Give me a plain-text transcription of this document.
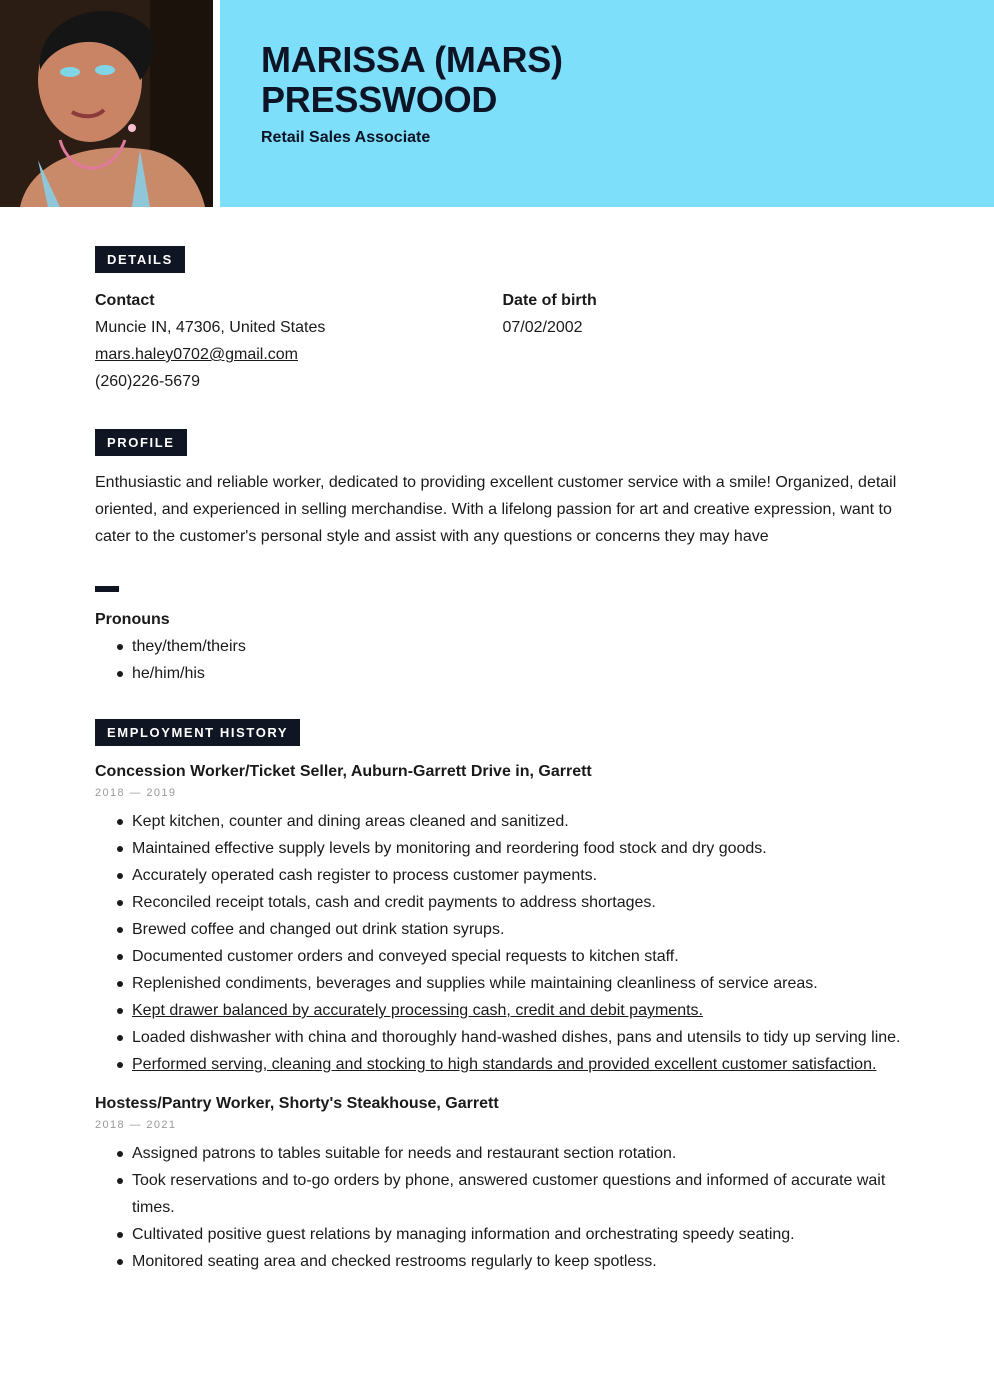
MARISSA (MARS)
PRESSWOOD
Retail Sales Associate
DETAILS
Contact
Muncie IN, 47306, United States
mars.haley0702@gmail.com
(260)226-5679
Date of birth
07/02/2002
PROFILE
Enthusiastic and reliable worker, dedicated to providing excellent customer service with a smile! Organized, detail oriented, and experienced in selling merchandise. With a lifelong passion for art and creative expression, want to cater to the customer's personal style and assist with any questions or concerns they may have
Pronouns
they/them/theirs
he/him/his
EMPLOYMENT HISTORY
Concession Worker/Ticket Seller, Auburn-Garrett Drive in, Garrett
2018 — 2019
Kept kitchen, counter and dining areas cleaned and sanitized.
Maintained effective supply levels by monitoring and reordering food stock and dry goods.
Accurately operated cash register to process customer payments.
Reconciled receipt totals, cash and credit payments to address shortages.
Brewed coffee and changed out drink station syrups.
Documented customer orders and conveyed special requests to kitchen staff.
Replenished condiments, beverages and supplies while maintaining cleanliness of service areas.
Kept drawer balanced by accurately processing cash, credit and debit payments.
Loaded dishwasher with china and thoroughly hand-washed dishes, pans and utensils to tidy up serving line.
Performed serving, cleaning and stocking to high standards and provided excellent customer satisfaction.
Hostess/Pantry Worker, Shorty's Steakhouse, Garrett
2018 — 2021
Assigned patrons to tables suitable for needs and restaurant section rotation.
Took reservations and to-go orders by phone, answered customer questions and informed of accurate wait times.
Cultivated positive guest relations by managing information and orchestrating speedy seating.
Monitored seating area and checked restrooms regularly to keep spotless.
